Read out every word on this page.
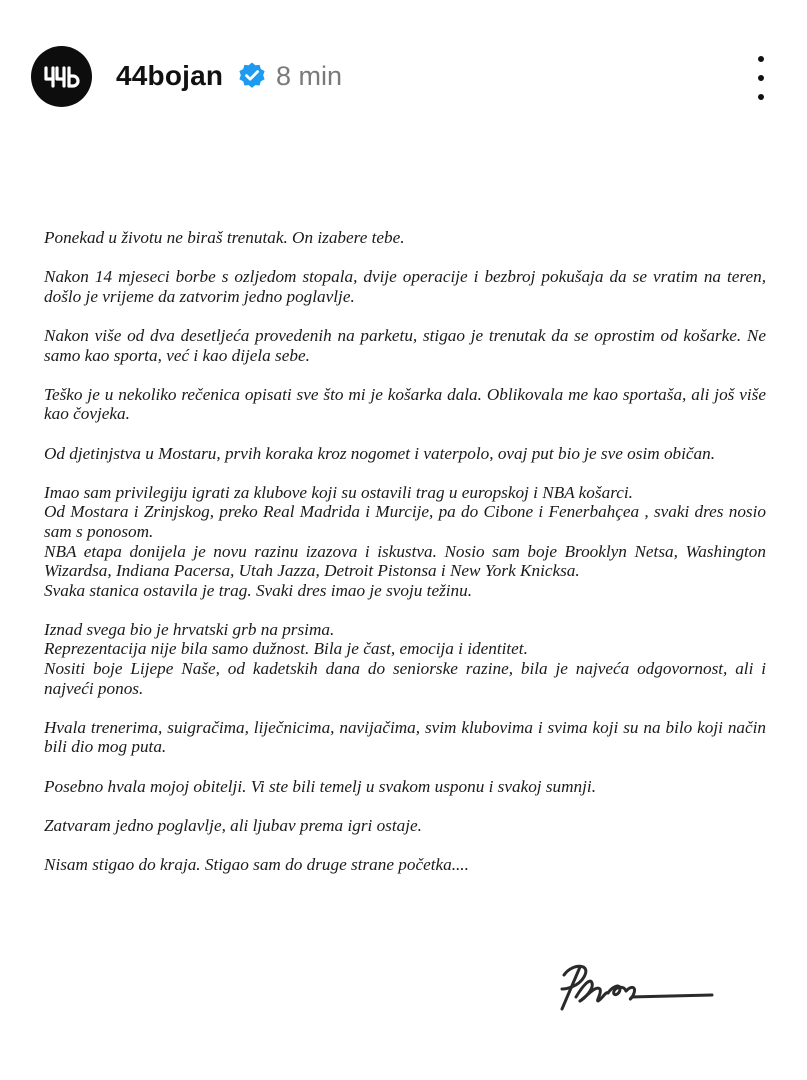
44bojan 8 min

Ponekad u životu ne biraš trenutak. On izabere tebe.

Nakon 14 mjeseci borbe s ozljedom stopala, dvije operacije i bezbroj pokušaja da se vratim na teren, došlo je vrijeme da zatvorim jedno poglavlje.

Nakon više od dva desetljeća provedenih na parketu, stigao je trenutak da se oprostim od košarke. Ne samo kao sporta, već i kao dijela sebe.

Teško je u nekoliko rečenica opisati sve što mi je košarka dala. Oblikovala me kao sportaša, ali još više kao čovjeka.

Od djetinjstva u Mostaru, prvih koraka kroz nogomet i vaterpolo, ovaj put bio je sve osim običan.

Imao sam privilegiju igrati za klubove koji su ostavili trag u europskoj i NBA košarci.
Od Mostara i Zrinjskog, preko Real Madrida i Murcije, pa do Cibone i Fenerbahçea , svaki dres nosio sam s ponosom.
NBA etapa donijela je novu razinu izazova i iskustva. Nosio sam boje Brooklyn Netsa, Washington Wizardsa, Indiana Pacersa, Utah Jazza, Detroit Pistonsa i New York Knicksa.
Svaka stanica ostavila je trag. Svaki dres imao je svoju težinu.

Iznad svega bio je hrvatski grb na prsima.
Reprezentacija nije bila samo dužnost. Bila je čast, emocija i identitet.
Nositi boje Lijepe Naše, od kadetskih dana do seniorske razine, bila je najveća odgovornost, ali i najveći ponos.

Hvala trenerima, suigračima, liječnicima, navijačima, svim klubovima i svima koji su na bilo koji način bili dio mog puta.

Posebno hvala mojoj obitelji. Vi ste bili temelj u svakom usponu i svakoj sumnji.

Zatvaram jedno poglavlje, ali ljubav prema igri ostaje.

Nisam stigao do kraja. Stigao sam do druge strane početka....
